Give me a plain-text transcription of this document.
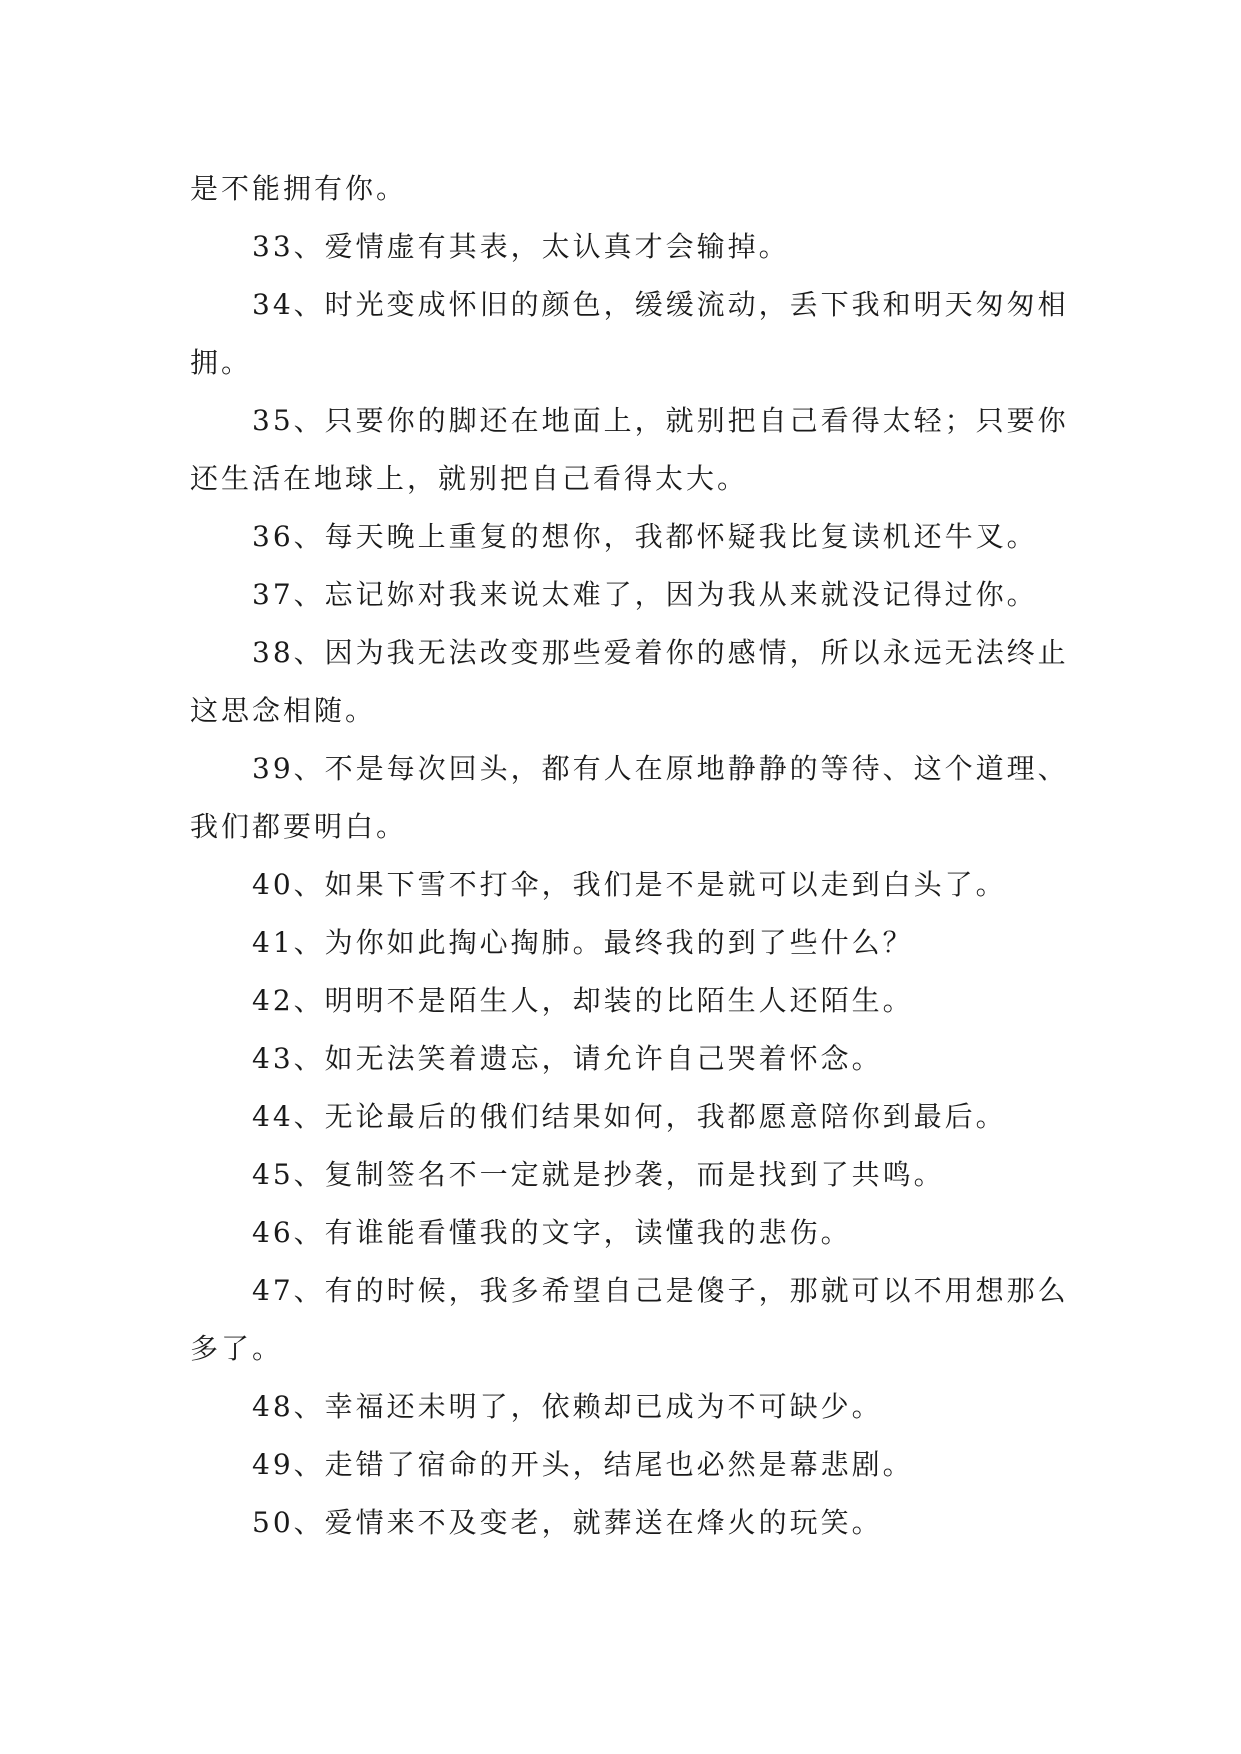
是不能拥有你。

33、爱情虚有其表，太认真才会输掉。

34、时光变成怀旧的颜色，缓缓流动，丢下我和明天匆匆相拥。

35、只要你的脚还在地面上，就别把自己看得太轻；只要你还生活在地球上，就别把自己看得太大。

36、每天晚上重复的想你，我都怀疑我比复读机还牛叉。

37、忘记妳对我来说太难了，因为我从来就没记得过你。

38、因为我无法改变那些爱着你的感情，所以永远无法终止这思念相随。

39、不是每次回头，都有人在原地静静的等待、这个道理、我们都要明白。

40、如果下雪不打伞，我们是不是就可以走到白头了。

41、为你如此掏心掏肺。最终我的到了些什么？

42、明明不是陌生人，却装的比陌生人还陌生。

43、如无法笑着遗忘，请允许自己哭着怀念。

44、无论最后的俄们结果如何，我都愿意陪你到最后。

45、复制签名不一定就是抄袭，而是找到了共鸣。

46、有谁能看懂我的文字，读懂我的悲伤。

47、有的时候，我多希望自己是傻子，那就可以不用想那么多了。

48、幸福还未明了，依赖却已成为不可缺少。

49、走错了宿命的开头，结尾也必然是幕悲剧。

50、爱情来不及变老，就葬送在烽火的玩笑。
